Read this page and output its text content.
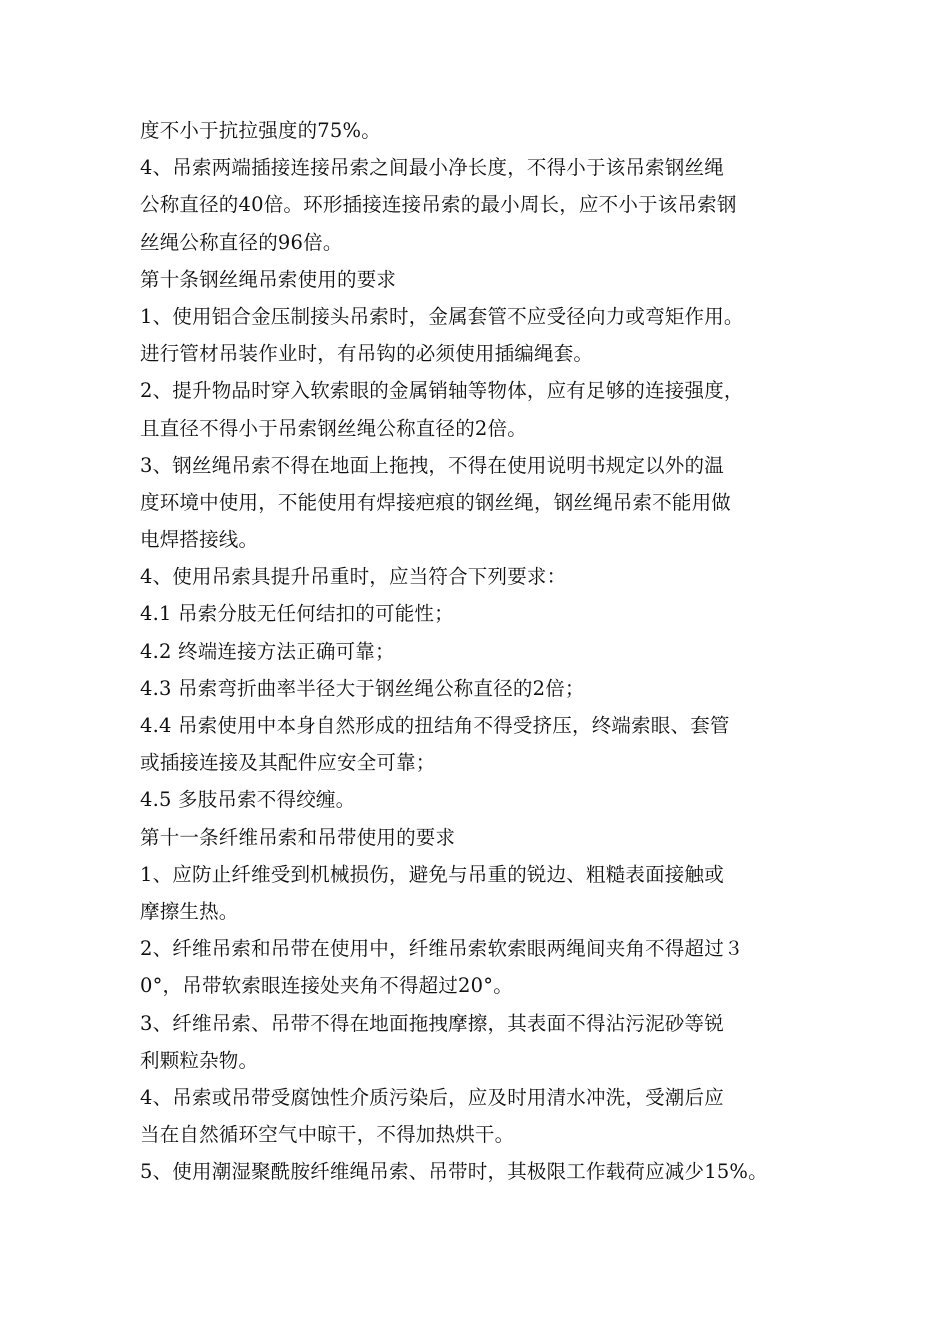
度不小于抗拉强度的75%。
4、吊索两端插接连接吊索之间最小净长度，不得小于该吊索钢丝绳
公称直径的40倍。环形插接连接吊索的最小周长，应不小于该吊索钢
丝绳公称直径的96倍。
第十条钢丝绳吊索使用的要求
1、使用铝合金压制接头吊索时，金属套管不应受径向力或弯矩作用。
进行管材吊装作业时，有吊钩的必须使用插编绳套。
2、提升物品时穿入软索眼的金属销轴等物体，应有足够的连接强度，
且直径不得小于吊索钢丝绳公称直径的2倍。
3、钢丝绳吊索不得在地面上拖拽，不得在使用说明书规定以外的温
度环境中使用，不能使用有焊接疤痕的钢丝绳，钢丝绳吊索不能用做
电焊搭接线。
4、使用吊索具提升吊重时，应当符合下列要求：
4.1 吊索分肢无任何结扣的可能性；
4.2 终端连接方法正确可靠；
4.3 吊索弯折曲率半径大于钢丝绳公称直径的2倍；
4.4 吊索使用中本身自然形成的扭结角不得受挤压，终端索眼、套管
或插接连接及其配件应安全可靠；
4.5 多肢吊索不得绞缠。
第十一条纤维吊索和吊带使用的要求
1、应防止纤维受到机械损伤，避免与吊重的锐边、粗糙表面接触或
摩擦生热。
2、纤维吊索和吊带在使用中，纤维吊索软索眼两绳间夹角不得超过３
0°，吊带软索眼连接处夹角不得超过20°。
3、纤维吊索、吊带不得在地面拖拽摩擦，其表面不得沾污泥砂等锐
利颗粒杂物。
4、吊索或吊带受腐蚀性介质污染后，应及时用清水冲洗，受潮后应
当在自然循环空气中晾干，不得加热烘干。
5、使用潮湿聚酰胺纤维绳吊索、吊带时，其极限工作载荷应减少15%。
